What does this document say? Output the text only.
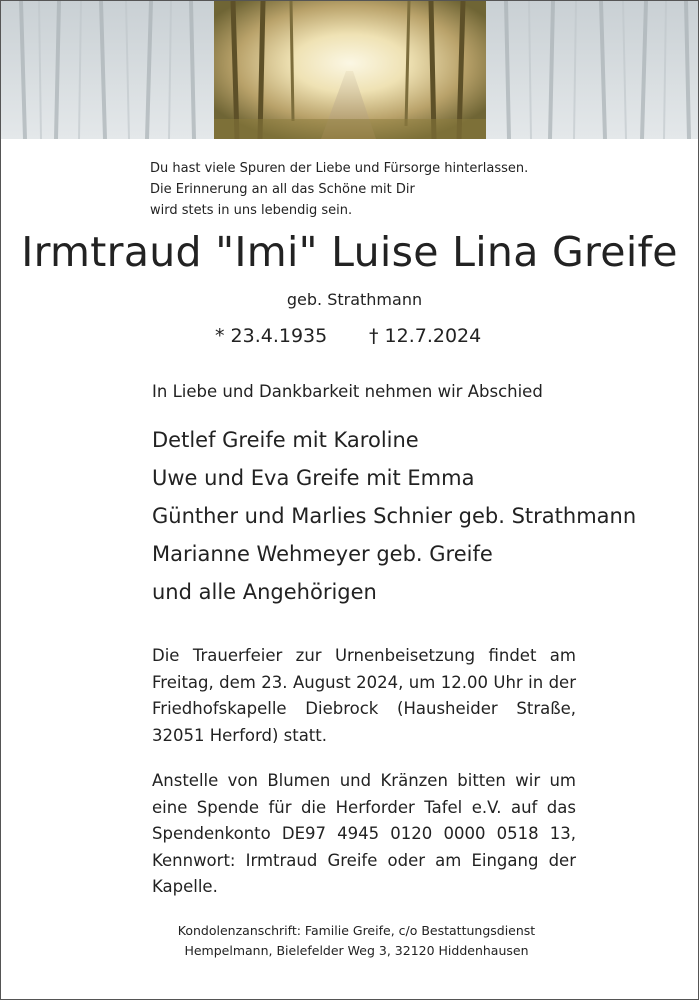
Du hast viele Spuren der Liebe und Fürsorge hinterlassen.
Die Erinnerung an all das Schöne mit Dir
wird stets in uns lebendig sein.
Irmtraud "Imi" Luise Lina Greife
geb. Strathmann
* 23.4.1935 † 12.7.2024
In Liebe und Dankbarkeit nehmen wir Abschied
Detlef Greife mit Karoline
Uwe und Eva Greife mit Emma
Günther und Marlies Schnier geb. Strathmann
Marianne Wehmeyer geb. Greife
und alle Angehörigen
Die Trauerfeier zur Urnenbeisetzung findet am Freitag, dem 23. August 2024, um 12.00 Uhr in der Friedhofskapelle Diebrock (Hausheider Straße, 32051 Herford) statt.
Anstelle von Blumen und Kränzen bitten wir um eine Spende für die Herforder Tafel e.V. auf das Spendenkonto DE97 4945 0120 0000 0518 13, Kennwort: Irmtraud Greife oder am Eingang der Kapelle.
Kondolenzanschrift: Familie Greife, c/o Bestattungsdienst
Hempelmann, Bielefelder Weg 3, 32120 Hiddenhausen
